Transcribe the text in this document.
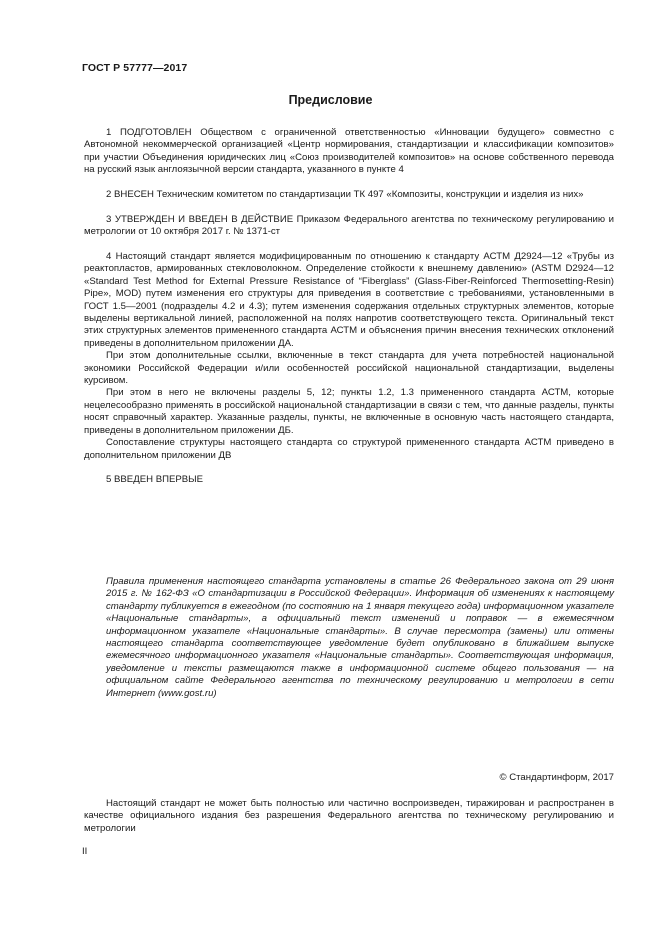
ГОСТ Р 57777—2017
Предисловие

1 ПОДГОТОВЛЕН Обществом с ограниченной ответственностью «Инновации будущего» совместно с Автономной некоммерческой организацией «Центр нормирования, стандартизации и классификации композитов» при участии Объединения юридических лиц «Союз производителей композитов» на основе собственного перевода на русский язык англоязычной версии стандарта, указанного в пункте 4

2 ВНЕСЕН Техническим комитетом по стандартизации ТК 497 «Композиты, конструкции и изделия из них»

3 УТВЕРЖДЕН И ВВЕДЕН В ДЕЙСТВИЕ Приказом Федерального агентства по техническому регулированию и метрологии от 10 октября 2017 г. № 1371-ст

4 Настоящий стандарт является модифицированным по отношению к стандарту АСТМ Д2924—12 «Трубы из реактопластов, армированных стекловолокном. Определение стойкости к внешнему давлению» (ASTM D2924—12 «Standard Test Method for External Pressure Resistance of “Fiberglass” (Glass-Fiber-Reinforced Thermosetting-Resin) Pipe», MOD) путем изменения его структуры для приведения в соответствие с требованиями, установленными в ГОСТ 1.5—2001 (подразделы 4.2 и 4.3); путем изменения содержания отдельных структурных элементов, которые выделены вертикальной линией, расположенной на полях напротив соответствующего текста. Оригинальный текст этих структурных элементов примененного стандарта АСТМ и объяснения причин внесения технических отклонений приведены в дополнительном приложении ДА.

При этом дополнительные ссылки, включенные в текст стандарта для учета потребностей национальной экономики Российской Федерации и/или особенностей российской национальной стандартизации, выделены курсивом.

При этом в него не включены разделы 5, 12; пункты 1.2, 1.3 примененного стандарта АСТМ, которые нецелесообразно применять в российской национальной стандартизации в связи с тем, что данные разделы, пункты носят справочный характер. Указанные разделы, пункты, не включенные в основную часть настоящего стандарта, приведены в дополнительном приложении ДБ.

Сопоставление структуры настоящего стандарта со структурой примененного стандарта АСТМ приведено в дополнительном приложении ДВ

5 ВВЕДЕН ВПЕРВЫЕ

Правила применения настоящего стандарта установлены в статье 26 Федерального закона от 29 июня 2015 г. № 162-ФЗ «О стандартизации в Российской Федерации». Информация об изменениях к настоящему стандарту публикуется в ежегодном (по состоянию на 1 января текущего года) информационном указателе «Национальные стандарты», а официальный текст изменений и поправок — в ежемесячном информационном указателе «Национальные стандарты». В случае пересмотра (замены) или отмены настоящего стандарта соответствующее уведомление будет опубликовано в ближайшем выпуске ежемесячного информационного указателя «Национальные стандарты». Соответствующая информация, уведомление и тексты размещаются также в информационной системе общего пользования — на официальном сайте Федерального агентства по техническому регулированию и метрологии в сети Интернет (www.gost.ru)
© Стандартинформ, 2017
Настоящий стандарт не может быть полностью или частично воспроизведен, тиражирован и распространен в качестве официального издания без разрешения Федерального агентства по техническому регулированию и метрологии
II
